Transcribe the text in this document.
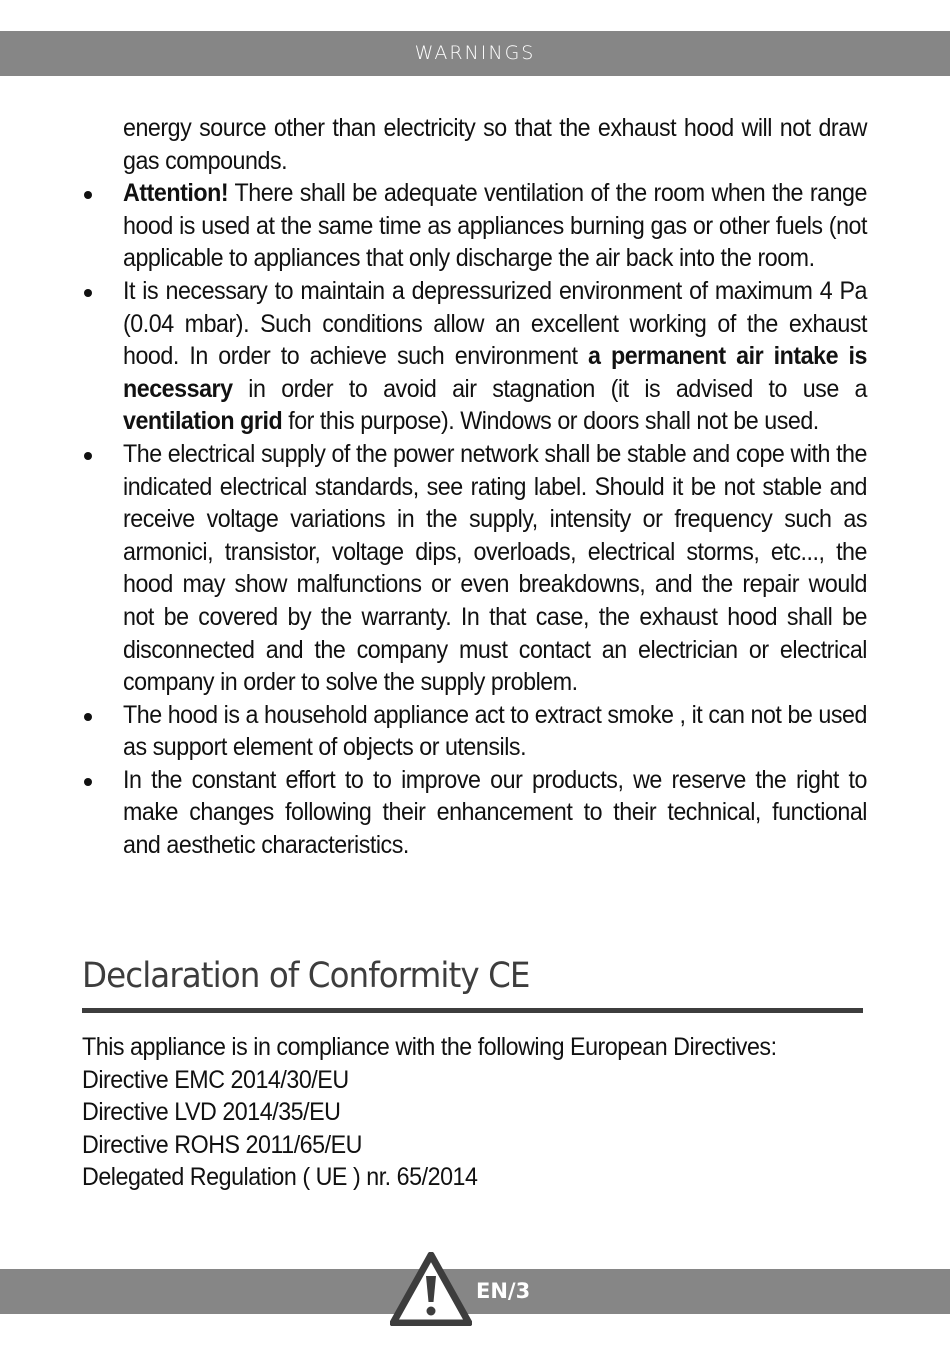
WARNINGS
energy source other than electricity so that the exhaust hood will not draw gas compounds.
Attention! There shall be adequate ventilation of the room when the range hood is used at the same time as appliances burning gas or other fuels (not applicable to appliances that only discharge the air back into the room.
It is necessary to maintain a depressurized environment of maximum 4 Pa (0.04 mbar). Such conditions allow an excellent working of the exhaust hood. In order to achieve such environment a permanent air intake is necessary in order to avoid air stagnation (it is advised to use a ventilation grid for this purpose). Windows or doors shall not be used.
The electrical supply of the power network shall be stable and cope with the indicated electrical standards, see rating label. Should it be not stable and receive voltage variations in the supply, intensity or frequency such as armonici, transistor, voltage dips, overloads, electrical storms, etc..., the hood may show malfunctions or even breakdowns, and the repair would not be covered by the warranty. In that case, the exhaust hood shall be disconnected and the company must contact an electrician or electrical company in order to solve the supply problem.
The hood is a household appliance act to extract smoke , it can not be used as support element of objects or utensils.
In the constant effort to to improve our products, we reserve the right to make changes following their enhancement to their technical, functional and aesthetic characteristics.
Declaration of Conformity CE
This appliance is in compliance with the following European Directives:
Directive EMC 2014/30/EU
Directive LVD 2014/35/EU
Directive ROHS 2011/65/EU
Delegated Regulation ( UE ) nr. 65/2014
EN/3
